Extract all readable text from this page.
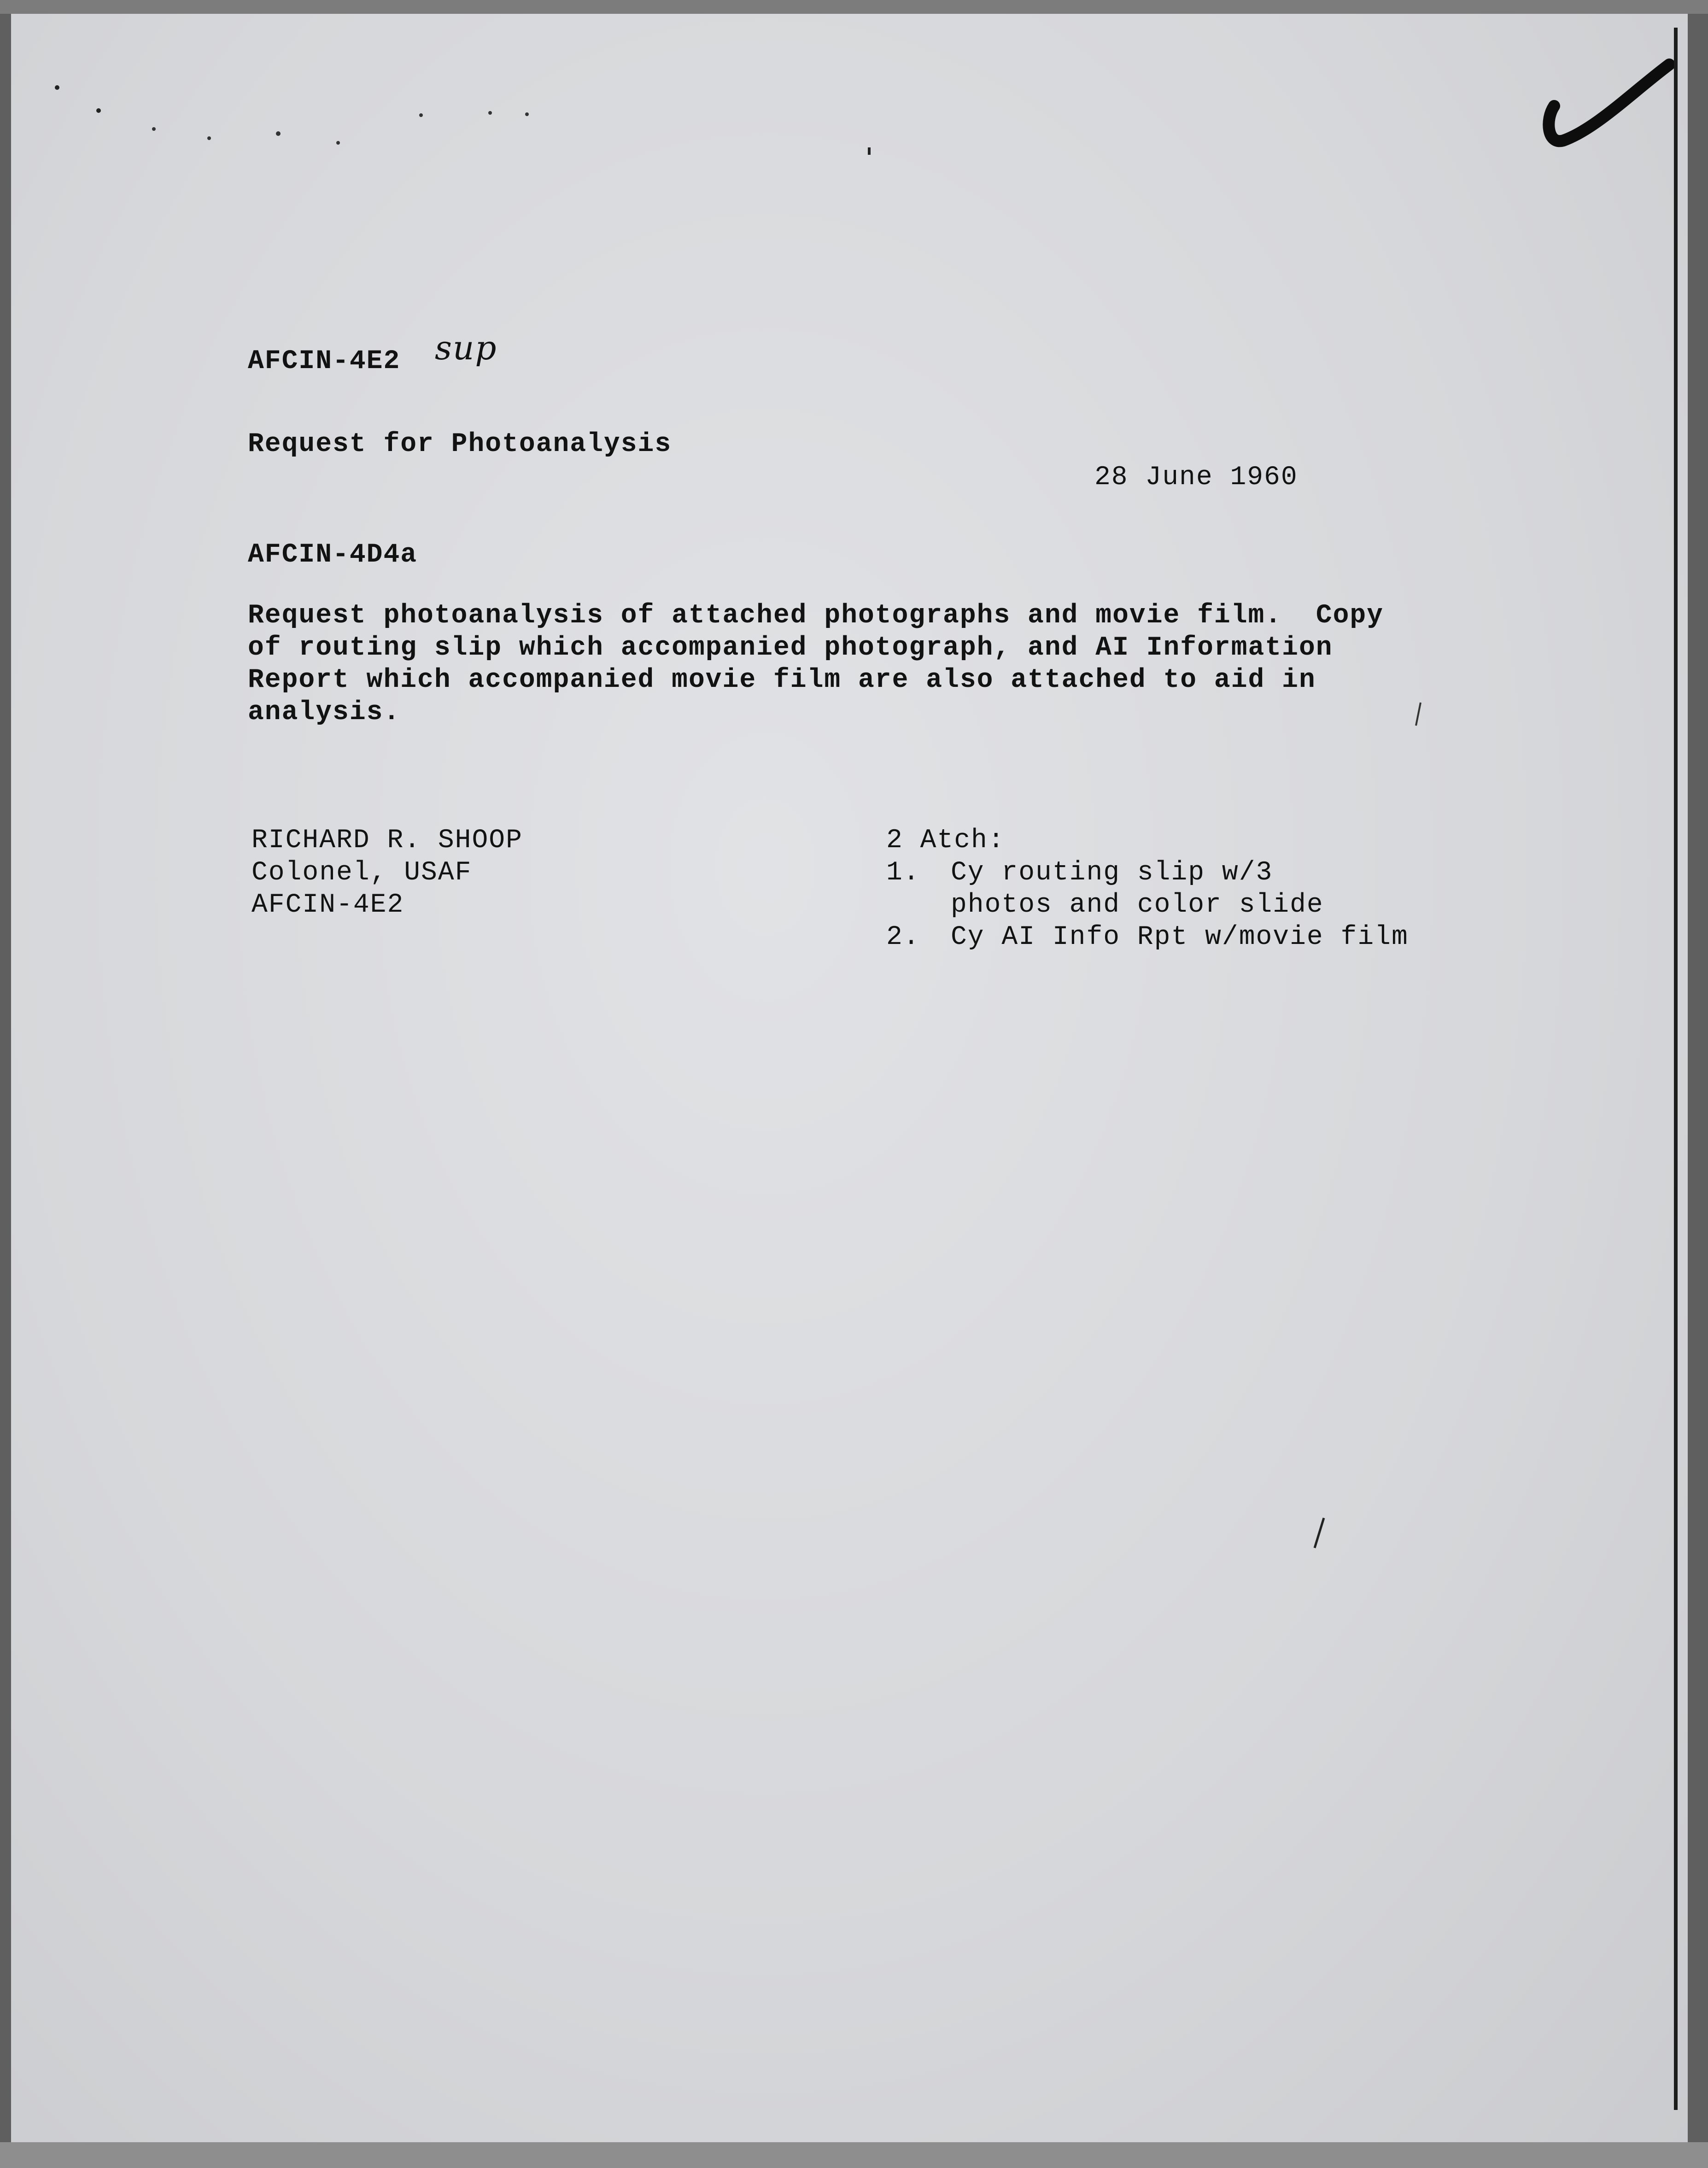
AFCIN-4E2 sup
Request for Photoanalysis
28 June 1960
AFCIN-4D4a
Request photoanalysis of attached photographs and movie film.  Copy
of routing slip which accompanied photograph, and AI Information
Report which accompanied movie film are also attached to aid in
analysis.
RICHARD R. SHOOP
Colonel, USAF
AFCIN-4E2
2 Atch:
1. Cy routing slip w/3
photos and color slide
2. Cy AI Info Rpt w/movie film
